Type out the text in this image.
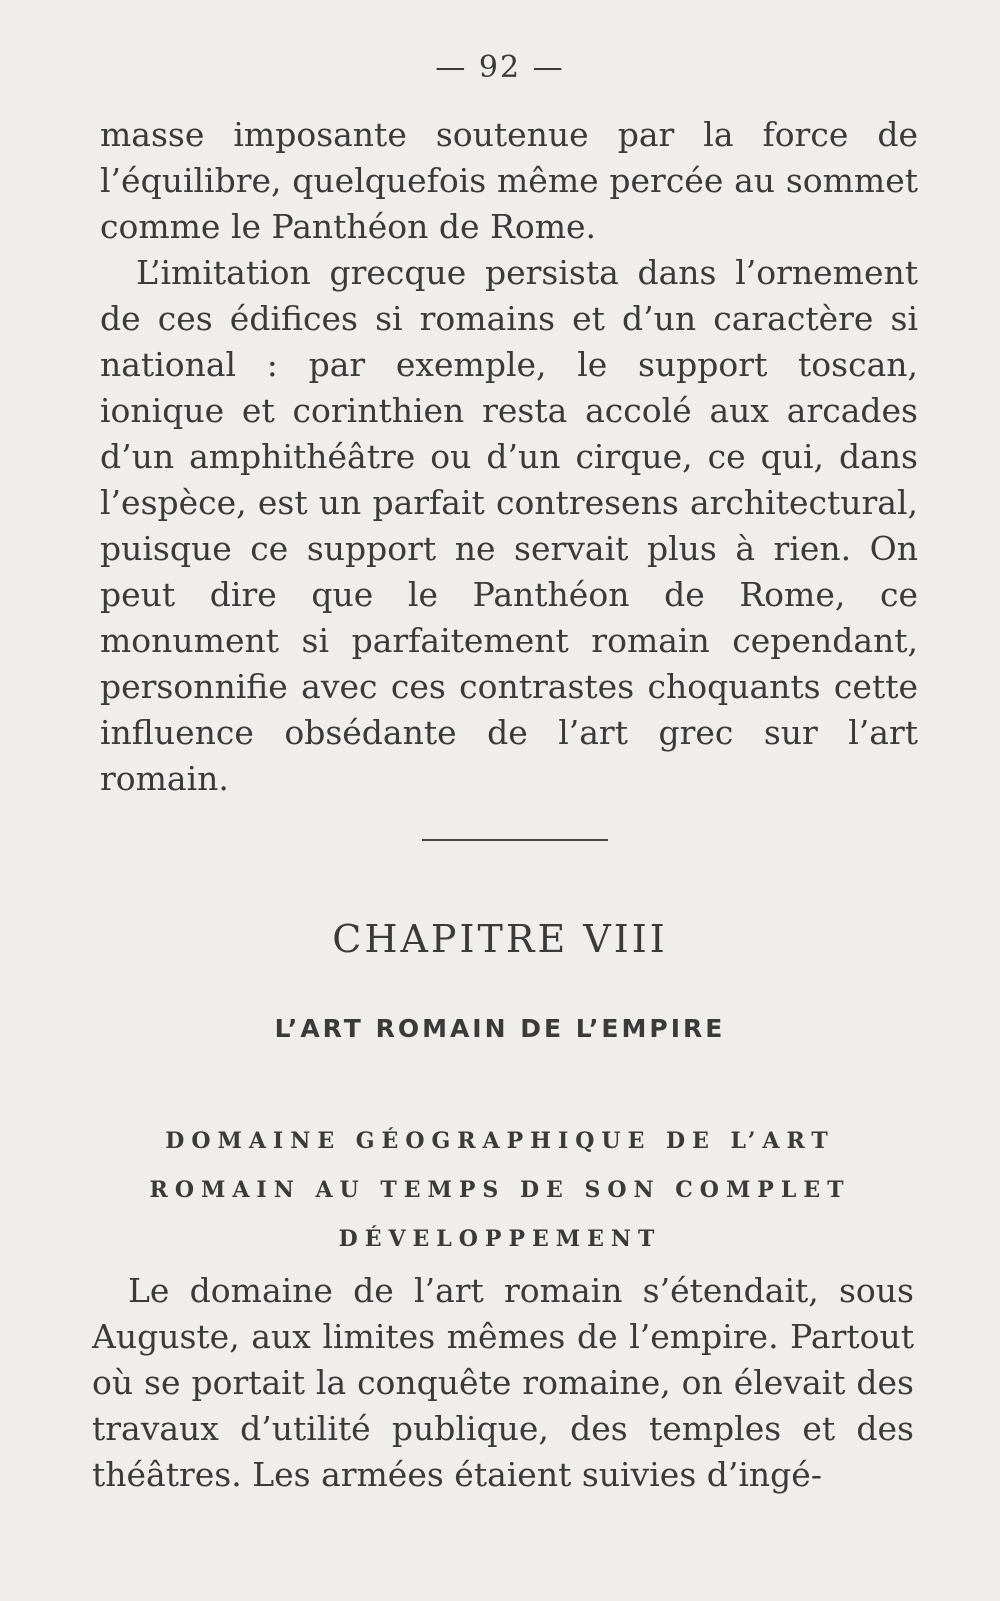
— 92 —

masse imposante soutenue par la force de l’équilibre, quelquefois même percée au sommet comme le Panthéon de Rome.

L’imitation grecque persista dans l’ornement de ces édifices si romains et d’un caractère si national : par exemple, le support toscan, ionique et corinthien resta accolé aux arcades d’un amphithéâtre ou d’un cirque, ce qui, dans l’espèce, est un parfait contresens architectural, puisque ce support ne servait plus à rien. On peut dire que le Panthéon de Rome, ce monument si parfaitement romain cependant, personnifie avec ces contrastes choquants cette influence obsédante de l’art grec sur l’art romain.

CHAPITRE VIII
L’ART ROMAIN DE L’EMPIRE
DOMAINE GÉOGRAPHIQUE DE L’ART ROMAIN AU TEMPS DE SON COMPLET DÉVELOPPEMENT

Le domaine de l’art romain s’étendait, sous Auguste, aux limites mêmes de l’empire. Partout où se portait la conquête romaine, on élevait des travaux d’utilité publique, des temples et des théâtres. Les armées étaient suivies d’ingé-
